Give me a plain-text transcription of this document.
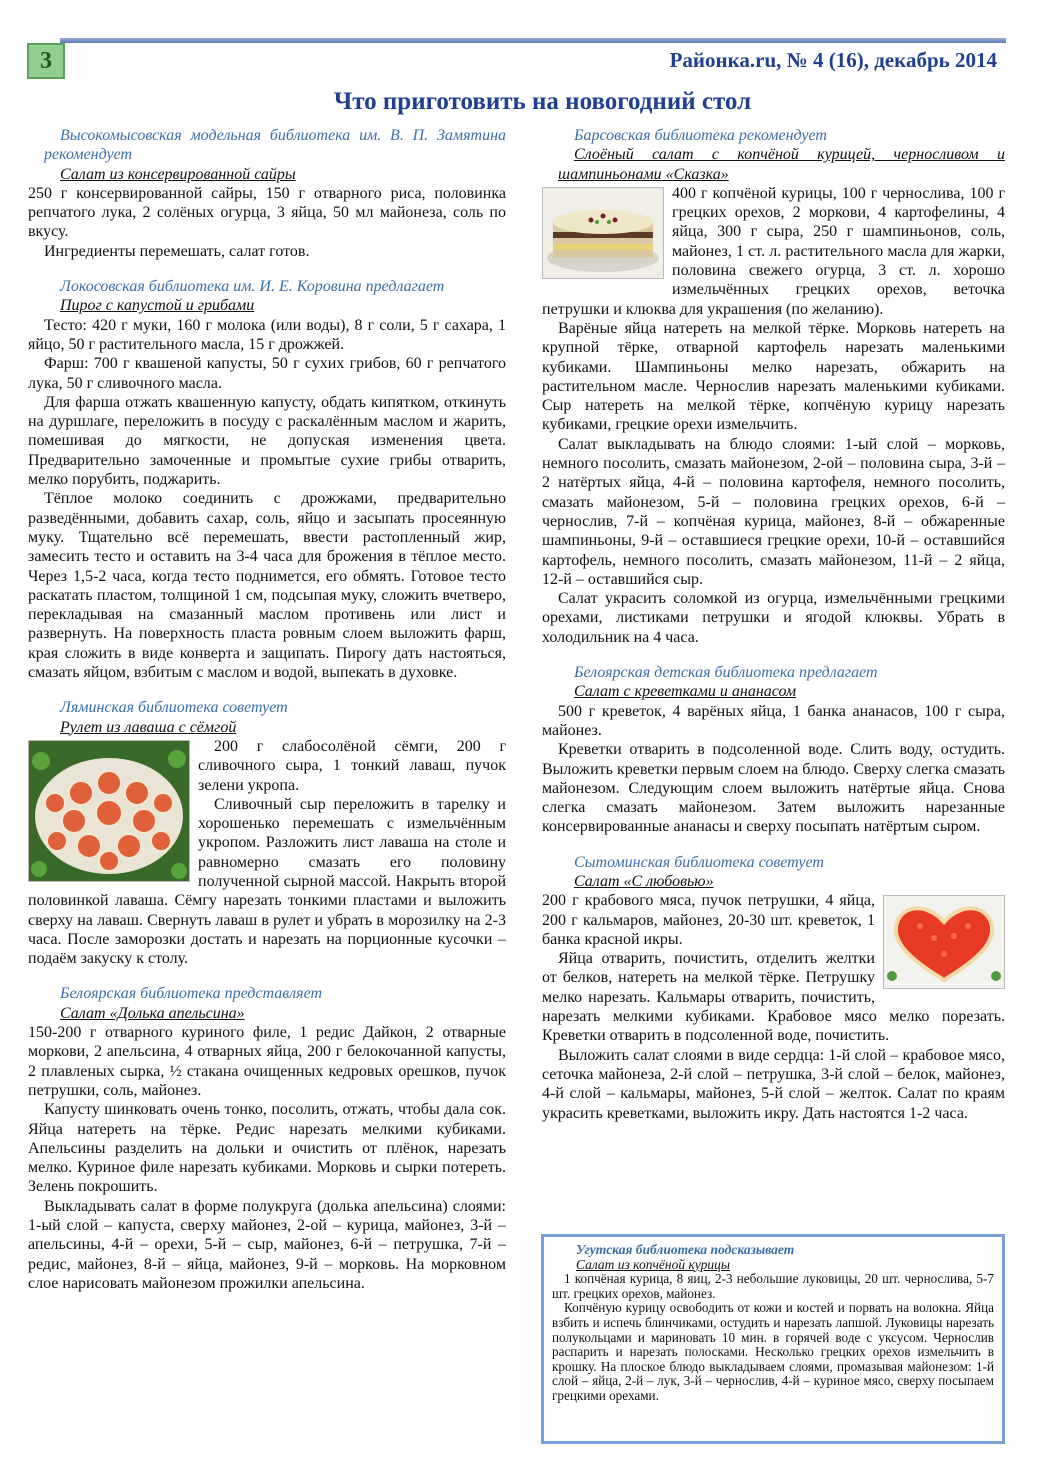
3	Районка.ru, № 4 (16), декабрь 2014
Что приготовить на новогодний стол

Высокомысовская модельная библиотека им. В. П. Замятина рекомендует

Салат из консервированной сайры

250 г консервированной сайры, 150 г отварного риса, половинка репчатого лука, 2 солёных огурца, 3 яйца, 50 мл майонеза, соль по вкусу.

Ингредиенты перемешать, салат готов.

Локосовская библиотека им. И. Е. Коровина предлагает

Пирог с капустой и грибами

Тесто: 420 г муки, 160 г молока (или воды), 8 г соли, 5 г сахара, 1 яйцо, 50 г растительного масла, 15 г дрожжей.

Фарш: 700 г квашеной капусты, 50 г сухих грибов, 60 г репчатого лука, 50 г сливочного масла.

Для фарша отжать квашенную капусту, обдать кипятком, откинуть на дуршлаге, переложить в посуду с раскалённым маслом и жарить, помешивая до мягкости, не допуская изменения цвета. Предварительно замоченные и промытые сухие грибы отварить, мелко порубить, поджарить.

Тёплое молоко соединить с дрожжами, предварительно разведёнными, добавить сахар, соль, яйцо и засыпать просеянную муку. Тщательно всё перемешать, ввести растопленный жир, замесить тесто и оставить на 3-4 часа для брожения в тёплое место. Через 1,5-2 часа, когда тесто поднимется, его обмять. Готовое тесто раскатать пластом, толщиной 1 см, подсыпая муку, сложить вчетверо, перекладывая на смазанный маслом противень или лист и развернуть. На поверхность пласта ровным слоем выложить фарш, края сложить в виде конверта и защипать. Пирогу дать настояться, смазать яйцом, взбитым с маслом и водой, выпекать в духовке.

Ляминская библиотека советует

Рулет из лаваша с сёмгой

200 г слабосолёной сёмги, 200 г сливочного сыра, 1 тонкий лаваш, пучок зелени укропа.

Сливочный сыр переложить в тарелку и хорошенько перемешать с измельчённым укропом. Разложить лист лаваша на столе и равномерно смазать его половину полученной сырной массой. Накрыть второй половинкой лаваша. Сёмгу нарезать тонкими пластами и выложить сверху на лаваш. Свернуть лаваш в рулет и убрать в морозилку на 2-3 часа. После заморозки достать и нарезать на порционные кусочки – подаём закуску к столу.

Белоярская библиотека представляет

Салат «Долька апельсина»

150-200 г отварного куриного филе, 1 редис Дайкон, 2 отварные моркови, 2 апельсина, 4 отварных яйца, 200 г белокочанной капусты, 2 плавленых сырка, ½ стакана очищенных кедровых орешков, пучок петрушки, соль, майонез.

Капусту шинковать очень тонко, посолить, отжать, чтобы дала сок. Яйца натереть на тёрке. Редис нарезать мелкими кубиками. Апельсины разделить на дольки и очистить от плёнок, нарезать мелко. Куриное филе нарезать кубиками. Морковь и сырки потереть. Зелень покрошить.

Выкладывать салат в форме полукруга (долька апельсина) слоями: 1-ый слой – капуста, сверху майонез, 2-ой – курица, майонез, 3-й – апельсины, 4-й – орехи, 5-й – сыр, майонез, 6-й – петрушка, 7-й – редис, майонез, 8-й – яйца, майонез, 9-й – морковь. На морковном слое нарисовать майонезом прожилки апельсина.

Барсовская библиотека рекомендует

Слоёный салат с копчёной курицей, черносливом и шампиньонами «Сказка»

400 г копчёной курицы, 100 г чернослива, 100 г грецких орехов, 2 моркови, 4 картофелины, 4 яйца, 300 г сыра, 250 г шампиньонов, соль, майонез, 1 ст. л. растительного масла для жарки, половина свежего огурца, 3 ст. л. хорошо измельчённых грецких орехов, веточка петрушки и клюква для украшения (по желанию).

Варёные яйца натереть на мелкой тёрке. Морковь натереть на крупной тёрке, отварной картофель нарезать маленькими кубиками. Шампиньоны мелко нарезать, обжарить на растительном масле. Чернослив нарезать маленькими кубиками. Сыр натереть на мелкой тёрке, копчёную курицу нарезать кубиками, грецкие орехи измельчить.

Салат выкладывать на блюдо слоями: 1-ый слой – морковь, немного посолить, смазать майонезом, 2-ой – половина сыра, 3-й – 2 натёртых яйца, 4-й – половина картофеля, немного посолить, смазать майонезом, 5-й – половина грецких орехов, 6-й – чернослив, 7-й – копчёная курица, майонез, 8-й – обжаренные шампиньоны, 9-й – оставшиеся грецкие орехи, 10-й – оставшийся картофель, немного посолить, смазать майонезом, 11-й – 2 яйца, 12-й – оставшийся сыр.

Салат украсить соломкой из огурца, измельчёнными грецкими орехами, листиками петрушки и ягодой клюквы. Убрать в холодильник на 4 часа.

Белоярская детская библиотека предлагает

Салат с креветками и ананасом

500 г креветок, 4 варёных яйца, 1 банка ананасов, 100 г сыра, майонез.

Креветки отварить в подсоленной воде. Слить воду, остудить. Выложить креветки первым слоем на блюдо. Сверху слегка смазать майонезом. Следующим слоем выложить натёртые яйца. Снова слегка смазать майонезом. Затем выложить нарезанные консервированные ананасы и сверху посыпать натёртым сыром.

Сытоминская библиотека советует

Салат «С любовью»

200 г крабового мяса, пучок петрушки, 4 яйца, 200 г кальмаров, майонез, 20-30 шт. креветок, 1 банка красной икры.

Яйца отварить, почистить, отделить желтки от белков, натереть на мелкой тёрке. Петрушку мелко нарезать. Кальмары отварить, почистить, нарезать мелкими кубиками. Крабовое мясо мелко порезать. Креветки отварить в подсоленной воде, почистить.

Выложить салат слоями в виде сердца: 1-й слой – крабовое мясо, сеточка майонеза, 2-й слой – петрушка, 3-й слой – белок, майонез, 4-й слой – кальмары, майонез, 5-й слой – желток. Салат по краям украсить креветками, выложить икру. Дать настоятся 1-2 часа.

Угутская библиотека подсказывает

Салат из копчёной курицы

1 копчёная курица, 8 яиц, 2-3 небольшие луковицы, 20 шт. чернослива, 5-7 шт. грецких орехов, майонез.

Копчёную курицу освободить от кожи и костей и порвать на волокна. Яйца взбить и испечь блинчиками, остудить и нарезать лапшой. Луковицы нарезать полукольцами и мариновать 10 мин. в горячей воде с уксусом. Чернослив распарить и нарезать полосками. Несколько грецких орехов измельчить в крошку. На плоское блюдо выкладываем слоями, промазывая майонезом: 1-й слой – яйца, 2-й – лук, 3-й – чернослив, 4-й – куриное мясо, сверху посыпаем грецкими орехами.
